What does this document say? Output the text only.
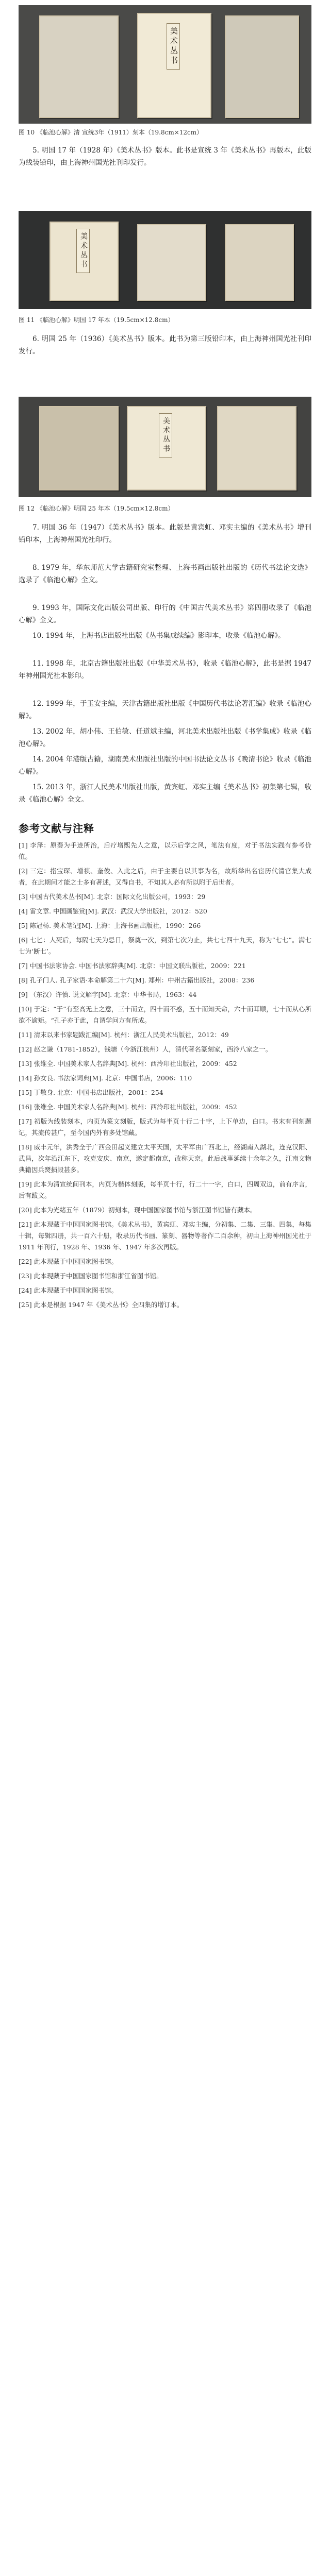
美术丛书
图 10 《临池心解》清 宣统3年（1911）刻本（19.8cm×12cm）
5. 明国 17 年（1928 年）《美术丛书》版本。此书是宣统 3 年《美术丛书》再版本，此版为线装铅印，由上海神州国光社刊印发行。
美术丛书
图 11 《临池心解》明国 17 年本（19.5cm×12.8cm）
6. 明国 25 年（1936）《美术丛书》版本。此书为第三版铅印本，由上海神州国光社刊印发行。
美术丛书
图 12 《临池心解》明国 25 年本（19.5cm×12.8cm）
7. 明国 36 年（1947）《美术丛书》版本。此版是黄宾虹、邓实主编的《美术丛书》增刊铅印本，上海神州国光社印行。
8. 1979 年，华东师范大学古籍研究室整理、上海书画出版社出版的《历代书法论文选》选录了《临池心解》全文。
9. 1993 年，国际文化出版公司出版、印行的《中国古代美术丛书》第四册收录了《临池心解》全文。
10. 1994 年，上海书店出版社出版《丛书集成续编》影印本，收录《临池心解》。
11. 1998 年，北京古籍出版社出版《中华美术丛书》，收录《临池心解》，此书是据 1947 年神州国光社本影印。
12. 1999 年，于玉安主编，天津古籍出版社出版《中国历代书法论著汇编》收录《临池心解》。
13. 2002 年，胡小伟、王伯敏、任道斌主编，河北美术出版社出版《书学集成》收录《临池心解》。
14. 2004 年港版古籍，湖南美术出版社出版的中国书法论文丛书《晚清书论》收录《临池心解》。
15. 2013 年，浙江人民美术出版社出版，黄宾虹、邓实主编《美术丛书》初集第七辑，收录《临池心解》全文。
参考文献与注释
[1] 李泽：原奏为手迹所治，后疗增熙先人之意，以示后学之风，笔法有度，对于书法实践有参考价值。
[2] 三定：指宝琛、增祺、奎俊、入此之后，由于主要自以其事为名，故所举出名宦历代清官集大成者，在此期间才能之士多有著述，又得自书，不知其人必有所以附于后世者。
[3] 中国古代美术丛书[M]. 北京：国际文化出版公司，1993：29
[4] 雷文章. 中国画鉴赏[M]. 武汉：武汉大学出版社，2012：520
[5] 陈冠杨. 美术笔记[M]. 上海：上海书画出版社，1990：266
[6] 七匕：人死后，每隔七天为忌日，祭奠一次，到第七次为止，共七七四十九天，称为“七七”。满七七为‘断七’。
[7] 中国书法家协会. 中国书法家辞典[M]. 北京：中国文联出版社，2009：221
[8] 孔子门人. 孔子家语·本命解第二十六[M]. 郑州：中州古籍出版社，2008：236
[9] （东汉）许慎. 说文解字[M]. 北京：中华书局，1963：44
[10] 于定：“于”有至高无上之意，三十而立，四十而不惑，五十而知天命，六十而耳顺，七十而从心所欲不逾矩。“孔子亦于此，自谓学问方有所成。
[11] 清末以来书家题跋汇编[M]. 杭州：浙江人民美术出版社，2012：49
[12] 赵之谦（1781-1852），钱塘（今浙江杭州）人，清代著名篆刻家，西泠八家之一。
[13] 张维全. 中国美术家人名辞典[M]. 杭州：西泠印社出版社，2009：452
[14] 孙女良. 书法家词典[M]. 北京：中国书店，2006：110
[15] 丁敬身. 北京：中国书店出版社，2001：254
[16] 张维全. 中国美术家人名辞典[M]. 杭州：西泠印社出版社，2009：452
[17] 初版为线装刻本，内页为篆文刻版，版式为每半页十行二十字，上下单边，白口。书末有刊刻题记，其流传甚广，至今国内外有多处馆藏。
[18] 威丰元年，洪秀全于广西金田起义建立太平天国，太平军由广西北上，经湖南入湖北，连克汉阳、武昌，次年沿江东下，攻克安庆、南京，遂定都南京，改称天京。此后战事延续十余年之久，江南文物典籍因兵燹损毁甚多。
[19] 此本为清宣统间刊本，内页为楷体刻版，每半页十行，行二十一字，白口，四周双边，前有序言，后有跋文。
[20] 此本为光绪五年（1879）初刻本，现中国国家图书馆与浙江图书馆皆有藏本。
[21] 此本现藏于中国国家图书馆。《美术丛书》，黄宾虹、邓实主编，分初集、二集、三集、四集，每集十辑，每辑四册，共一百六十册，收录历代书画、篆刻、器物等著作二百余种，初由上海神州国光社于 1911 年刊行，1928 年、1936 年、1947 年多次再版。
[22] 此本现藏于中国国家图书馆。
[23] 此本现藏于中国国家图书馆和浙江省图书馆。
[24] 此本现藏于中国国家图书馆。
[25] 此本是根据 1947 年《美术丛书》全四集的增订本。
